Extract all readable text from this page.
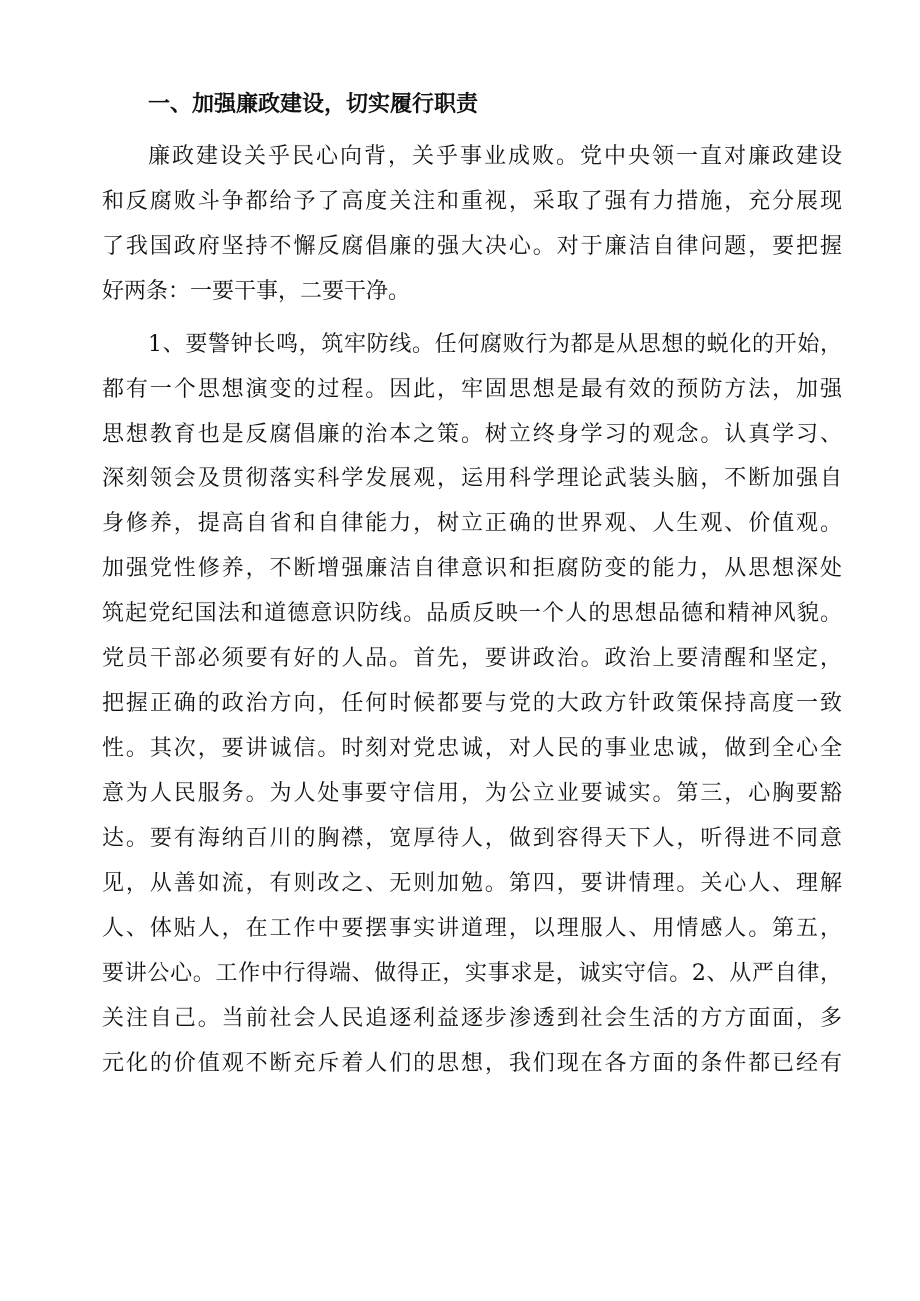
一、加强廉政建设，切实履行职责

廉政建设关乎民心向背，关乎事业成败。党中央领一直对廉政建设

和反腐败斗争都给予了高度关注和重视，采取了强有力措施，充分展现

了我国政府坚持不懈反腐倡廉的强大决心。对于廉洁自律问题，要把握

好两条：一要干事，二要干净。

1、要警钟长鸣，筑牢防线。任何腐败行为都是从思想的蜕化的开始，

都有一个思想演变的过程。因此，牢固思想是最有效的预防方法，加强

思想教育也是反腐倡廉的治本之策。树立终身学习的观念。认真学习、

深刻领会及贯彻落实科学发展观，运用科学理论武装头脑，不断加强自

身修养，提高自省和自律能力，树立正确的世界观、人生观、价值观。

加强党性修养，不断增强廉洁自律意识和拒腐防变的能力，从思想深处

筑起党纪国法和道德意识防线。品质反映一个人的思想品德和精神风貌。

党员干部必须要有好的人品。首先，要讲政治。政治上要清醒和坚定，

把握正确的政治方向，任何时候都要与党的大政方针政策保持高度一致

性。其次，要讲诚信。时刻对党忠诚，对人民的事业忠诚，做到全心全

意为人民服务。为人处事要守信用，为公立业要诚实。第三，心胸要豁

达。要有海纳百川的胸襟，宽厚待人，做到容得天下人，听得进不同意

见，从善如流，有则改之、无则加勉。第四，要讲情理。关心人、理解

人、体贴人，在工作中要摆事实讲道理，以理服人、用情感人。第五，

要讲公心。工作中行得端、做得正，实事求是，诚实守信。2、从严自律，

关注自己。当前社会人民追逐利益逐步渗透到社会生活的方方面面，多

元化的价值观不断充斥着人们的思想，我们现在各方面的条件都已经有
